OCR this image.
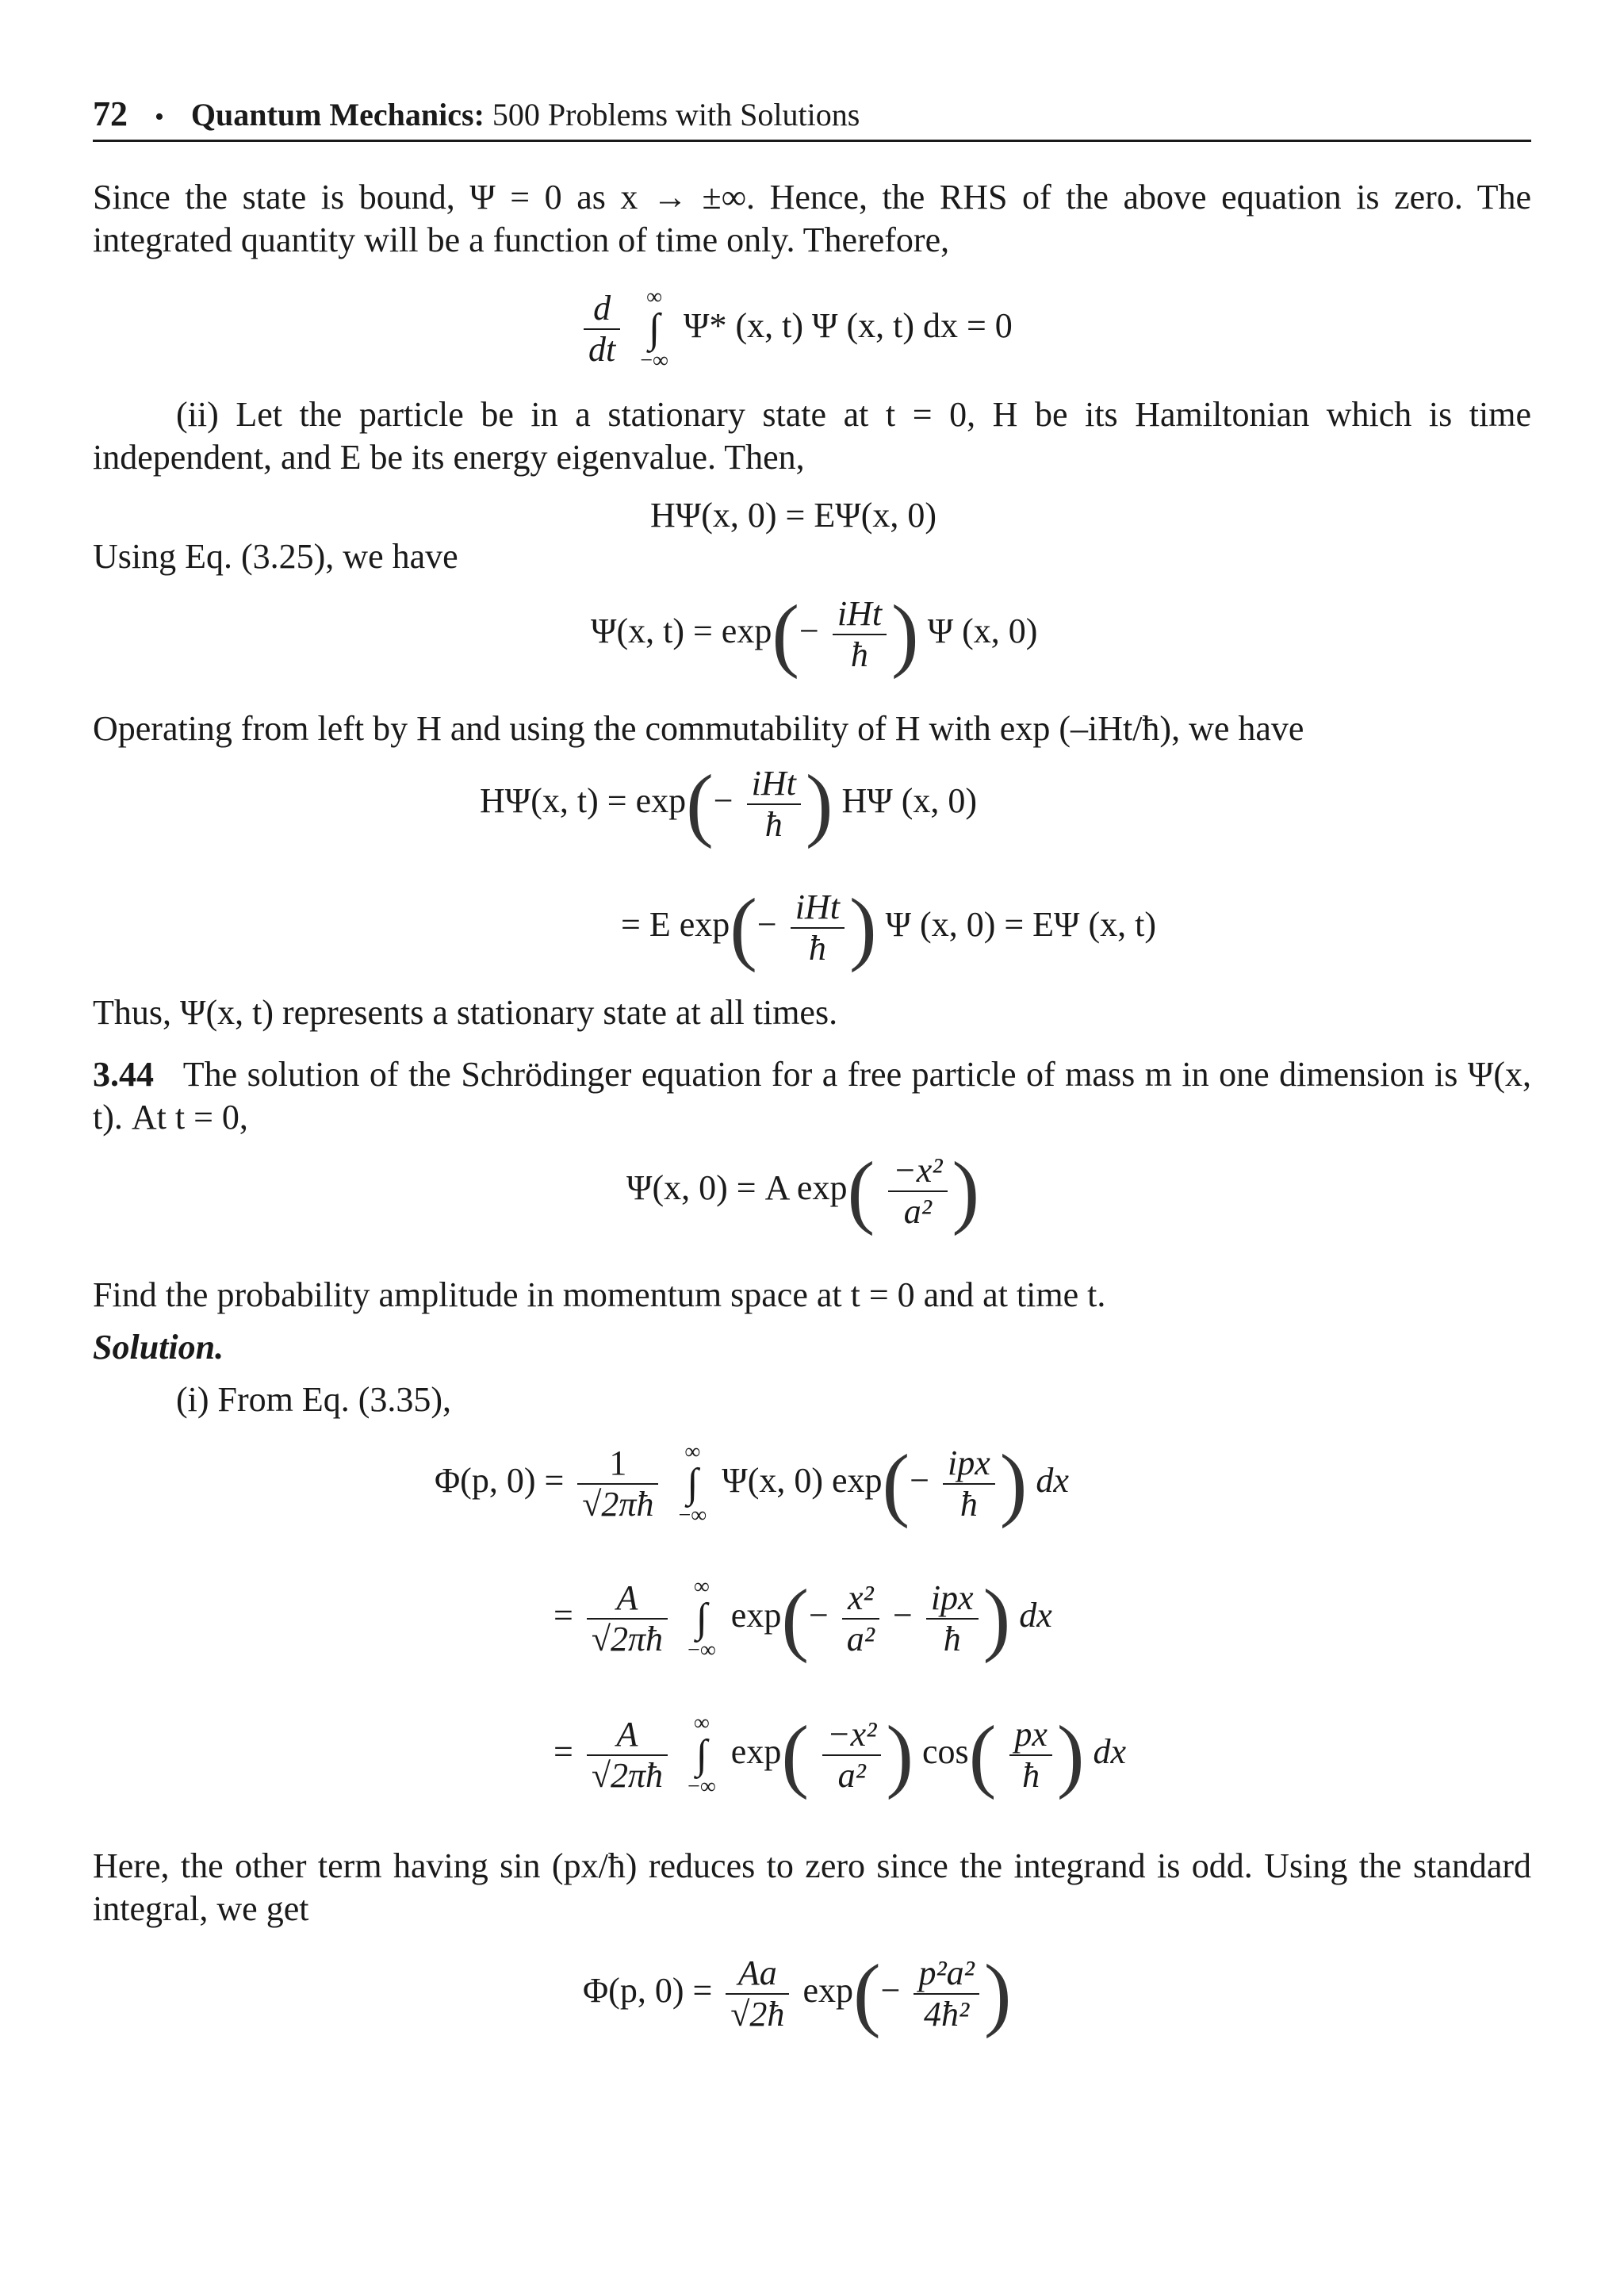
72 • Quantum Mechanics: 500 Problems with Solutions
Since the state is bound, Ψ = 0 as x → ±∞. Hence, the RHS of the above equation is zero. The integrated quantity will be a function of time only. Therefore,
$\frac{d}{dt}$
∞
∫
−∞
Ψ* (x, t) Ψ (x, t) dx = 0
(ii) Let the particle be in a stationary state at t = 0, H be its Hamiltonian which is time independent, and E be its energy eigenvalue. Then,
HΨ(x, 0) = EΨ(x, 0)
Using Eq. (3.25), we have
Ψ(x, $t) = \exp(- \frac{\text{iHt}}{ħ}$ ) Ψ (x, 0)
Operating from left by H and using the commutability of H with exp (–iHt/ħ), we have
HΨ(x, $t) = \exp(- \frac{\text{iHt}}{ħ}$ ) HΨ (x, 0)
= E $\exp(- \frac{\text{iHt}}{ħ}$ ) Ψ (x, 0) = EΨ (x, t)
Thus, Ψ(x, t) represents a stationary state at all times.
3.44 The solution of the Schrödinger equation for a free particle of mass m in one dimension is Ψ(x, t). At t = 0,
Ψ(x, 0) = A $\exp( \frac{\text{−x²}}{\text{a²}}$ )
Find the probability amplitude in momentum space at t = 0 and at time t.
Solution.
(i) From Eq. (3.35),
Φ(p, $0) = \frac{1}{√2\pi ħ}$
∞
∫
−∞
Ψ(x, 0) $\exp(- \frac{\text{ipx}}{ħ}$ ) dx
= $\frac{A}{√2\pi ħ}$
∞
∫
−∞
$\exp(- \frac{\text{x²}}{\text{a²}} - \frac{\text{ipx}}{ħ}$ ) dx
= $\frac{A}{√2\pi ħ}$
∞
∫
−∞
$\exp( \frac{\text{−x²}}{\text{a²}}$ ) $\cos( \frac{px}{ħ}$ ) dx
Here, the other term having sin (px/ħ) reduces to zero since the integrand is odd. Using the standard integral, we get
Φ(p, $0) = \frac{Aa}{√2ħ} \exp(- \frac{\text{p²a²}}{\text{4ħ²}}$ )
